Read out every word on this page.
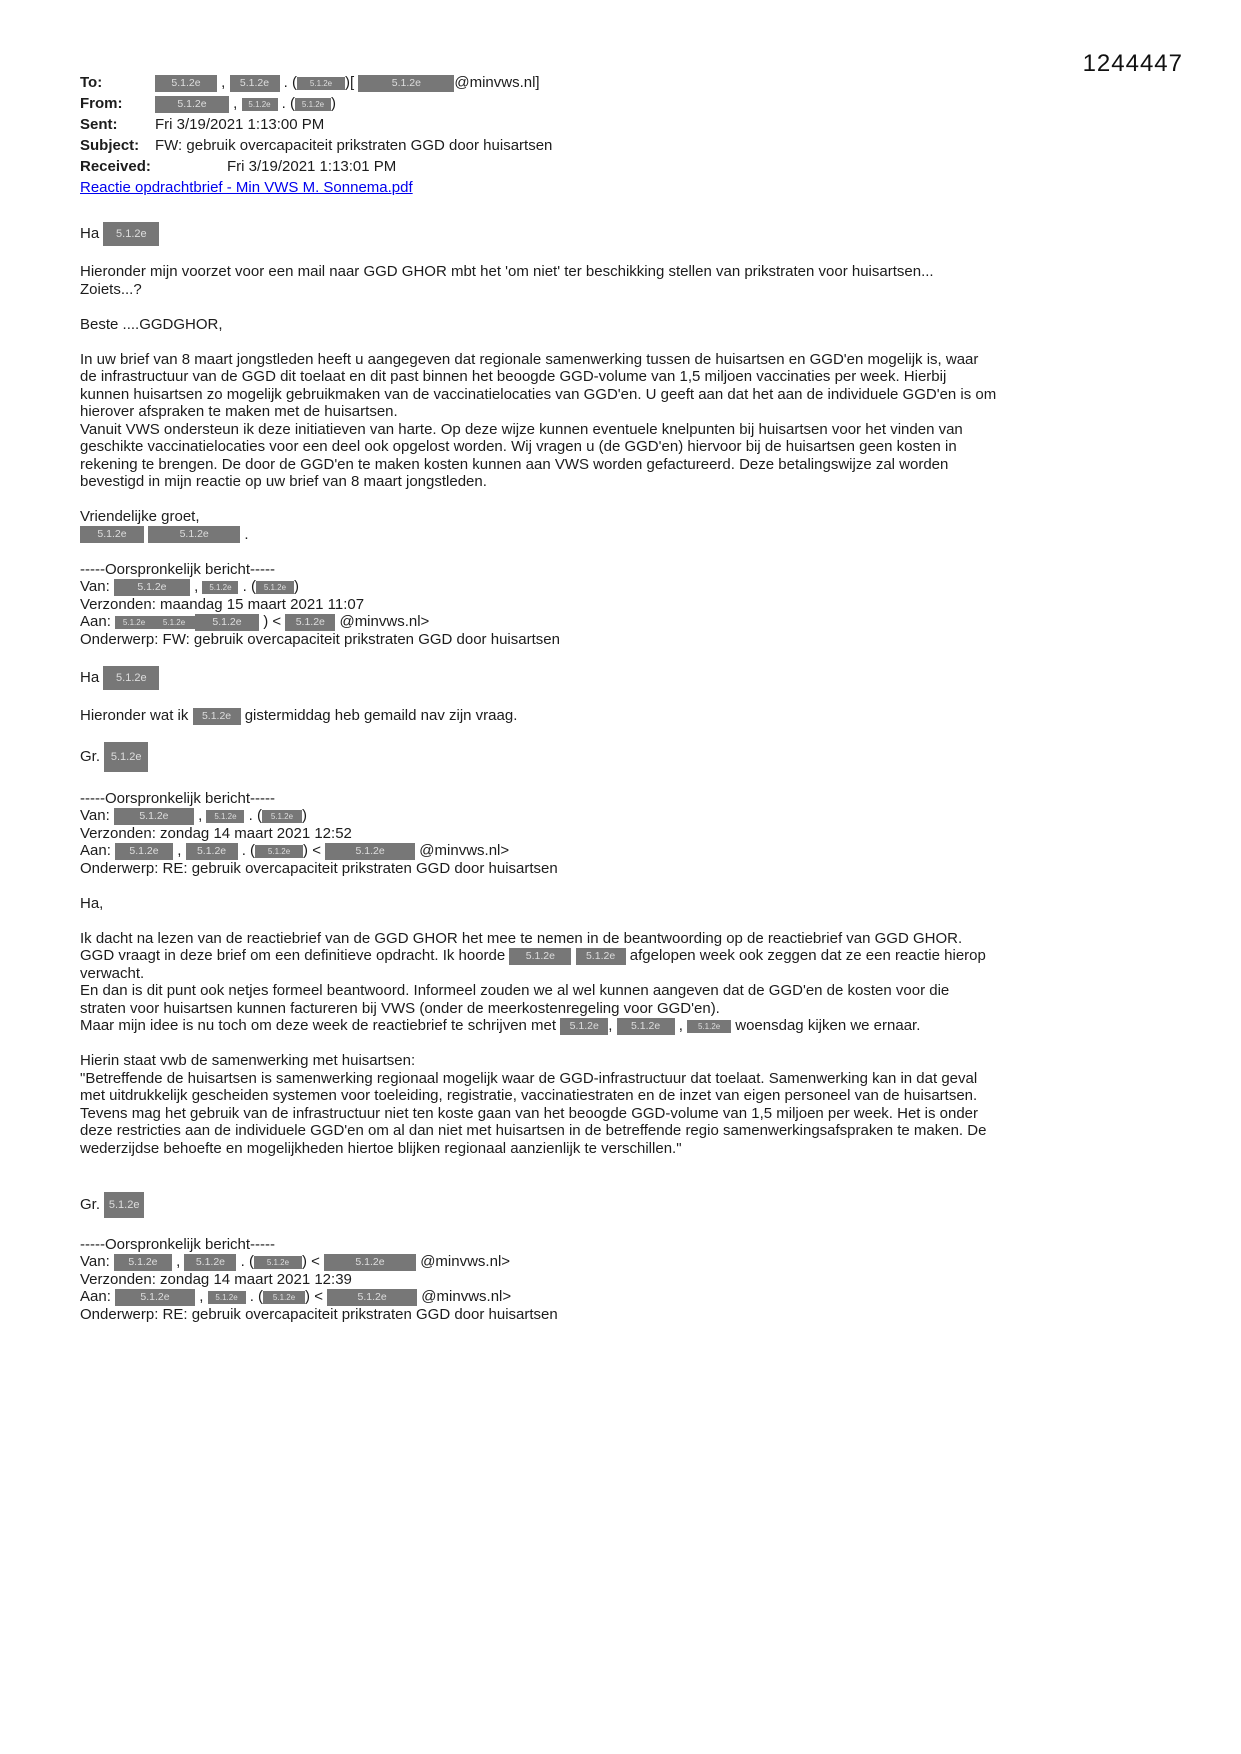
1244447
To:	5.1.2e , 5.1.2e . ( 5.1.2e )[	5.1.2e @minvws.nl]
From:	5.1.2e , 5.1.2e . ( 5.1.2e )
Sent:	Fri 3/19/2021 1:13:00 PM
Subject: FW: gebruik overcapaciteit prikstraten GGD door huisartsen
Received:	Fri 3/19/2021 1:13:01 PM
Reactie opdrachtbrief - Min VWS M. Sonnema.pdf
Ha 5.1.2e
Hieronder mijn voorzet voor een mail naar GGD GHOR mbt het 'om niet' ter beschikking stellen van prikstraten voor huisartsen...
Zoiets...?
Beste ....GGDGHOR,
In uw brief van 8 maart jongstleden heeft u aangegeven dat regionale samenwerking tussen de huisartsen en GGD'en mogelijk is, waar
de infrastructuur van de GGD dit toelaat en dit past binnen het beoogde GGD-volume van 1,5 miljoen vaccinaties per week. Hierbij
kunnen huisartsen zo mogelijk gebruikmaken van de vaccinatielocaties van GGD'en. U geeft aan dat het aan de individuele GGD'en is om
hierover afspraken te maken met de huisartsen.
Vanuit VWS ondersteun ik deze initiatieven van harte. Op deze wijze kunnen eventuele knelpunten bij huisartsen voor het vinden van
geschikte vaccinatielocaties voor een deel ook opgelost worden. Wij vragen u (de GGD'en) hiervoor bij de huisartsen geen kosten in
rekening te brengen. De door de GGD'en te maken kosten kunnen aan VWS worden gefactureerd. Deze betalingswijze zal worden
bevestigd in mijn reactie op uw brief van 8 maart jongstleden.
Vriendelijke groet,
5.1.2e	5.1.2e .
-----Oorspronkelijk bericht-----
Van: 5.1.2e , 5.1.2e . ( 5.1.2e )
Verzonden: maandag 15 maart 2021 11:07
Aan: 5.1.2e 5.1.2e	5.1.2e ) < 5.1.2e @minvws.nl>
Onderwerp: FW: gebruik overcapaciteit prikstraten GGD door huisartsen
Ha 5.1.2e
Hieronder wat ik 5.1.2e gistermiddag heb gemaild nav zijn vraag.
Gr. 5.1.2e
-----Oorspronkelijk bericht-----
Van: 5.1.2e , 5.1.2e . ( 5.1.2e )
Verzonden: zondag 14 maart 2021 12:52
Aan: 5.1.2e , 5.1.2e . ( 5.1.2e ) <	5.1.2e @minvws.nl>
Onderwerp: RE: gebruik overcapaciteit prikstraten GGD door huisartsen
Ha,
Ik dacht na lezen van de reactiebrief van de GGD GHOR het mee te nemen in de beantwoording op de reactiebrief van GGD GHOR.
GGD vraagt in deze brief om een definitieve opdracht. Ik hoorde 5.1.2e	5.1.2e afgelopen week ook zeggen dat ze een reactie hierop
verwacht.
En dan is dit punt ook netjes formeel beantwoord. Informeel zouden we al wel kunnen aangeven dat de GGD'en de kosten voor die
straten voor huisartsen kunnen factureren bij VWS (onder de meerkostenregeling voor GGD'en).
Maar mijn idee is nu toch om deze week de reactiebrief te schrijven met 5.1.2e , 5.1.2e , 5.1.2e woensdag kijken we ernaar.
Hierin staat vwb de samenwerking met huisartsen:
"Betreffende de huisartsen is samenwerking regionaal mogelijk waar de GGD-infrastructuur dat toelaat. Samenwerking kan in dat geval
met uitdrukkelijk gescheiden systemen voor toeleiding, registratie, vaccinatiestraten en de inzet van eigen personeel van de huisartsen.
Tevens mag het gebruik van de infrastructuur niet ten koste gaan van het beoogde GGD-volume van 1,5 miljoen per week. Het is onder
deze restricties aan de individuele GGD'en om al dan niet met huisartsen in de betreffende regio samenwerkingsafspraken te maken. De
wederzijdse behoefte en mogelijkheden hiertoe blijken regionaal aanzienlijk te verschillen."
Gr. 5.1.2e
-----Oorspronkelijk bericht-----
Van: 5.1.2e , 5.1.2e . ( 5.1.2e ) <	5.1.2e @minvws.nl>
Verzonden: zondag 14 maart 2021 12:39
Aan: 5.1.2e , 5.1.2e . ( 5.1.2e ) <	5.1.2e @minvws.nl>
Onderwerp: RE: gebruik overcapaciteit prikstraten GGD door huisartsen
